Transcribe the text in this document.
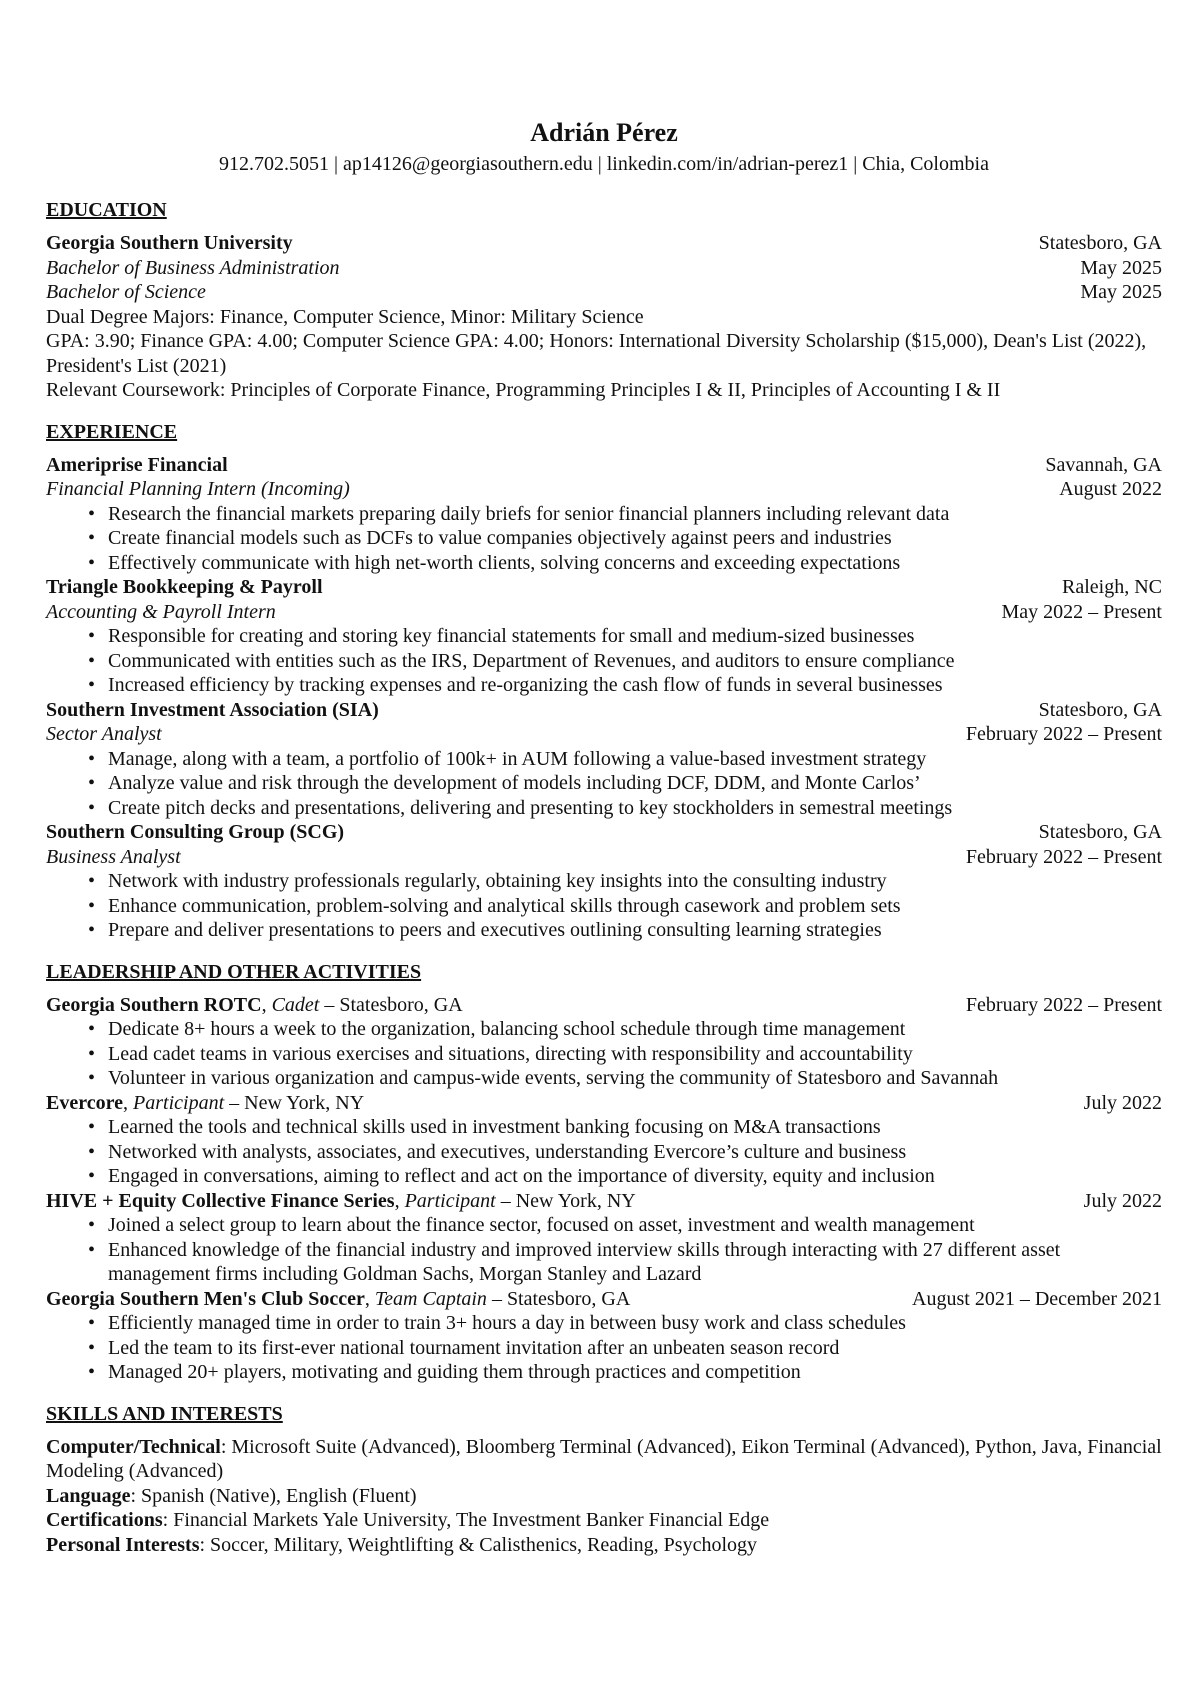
Adrián Pérez

912.702.5051 | ap14126@georgiasouthern.edu | linkedin.com/in/adrian-perez1 | Chia, Colombia

EDUCATION
Georgia Southern University	Statesboro, GA
Bachelor of Business Administration	May 2025
Bachelor of Science	May 2025

Dual Degree Majors: Finance, Computer Science, Minor: Military Science

GPA: 3.90; Finance GPA: 4.00; Computer Science GPA: 4.00; Honors: International Diversity Scholarship ($15,000), Dean's List (2022), President's List (2021)

Relevant Coursework: Principles of Corporate Finance, Programming Principles I & II, Principles of Accounting I & II

EXPERIENCE
Ameriprise Financial	Savannah, GA
Financial Planning Intern (Incoming)	August 2022
• Research the financial markets preparing daily briefs for senior financial planners including relevant data
• Create financial models such as DCFs to value companies objectively against peers and industries
• Effectively communicate with high net-worth clients, solving concerns and exceeding expectations
Triangle Bookkeeping & Payroll	Raleigh, NC
Accounting & Payroll Intern	May 2022 – Present
• Responsible for creating and storing key financial statements for small and medium-sized businesses
• Communicated with entities such as the IRS, Department of Revenues, and auditors to ensure compliance
• Increased efficiency by tracking expenses and re-organizing the cash flow of funds in several businesses
Southern Investment Association (SIA)	Statesboro, GA
Sector Analyst	February 2022 – Present
• Manage, along with a team, a portfolio of 100k+ in AUM following a value-based investment strategy
• Analyze value and risk through the development of models including DCF, DDM, and Monte Carlos’
• Create pitch decks and presentations, delivering and presenting to key stockholders in semestral meetings
Southern Consulting Group (SCG)	Statesboro, GA
Business Analyst	February 2022 – Present
• Network with industry professionals regularly, obtaining key insights into the consulting industry
• Enhance communication, problem-solving and analytical skills through casework and problem sets
• Prepare and deliver presentations to peers and executives outlining consulting learning strategies
LEADERSHIP AND OTHER ACTIVITIES
Georgia Southern ROTC, Cadet – Statesboro, GA	February 2022 – Present
• Dedicate 8+ hours a week to the organization, balancing school schedule through time management
• Lead cadet teams in various exercises and situations, directing with responsibility and accountability
• Volunteer in various organization and campus-wide events, serving the community of Statesboro and Savannah
Evercore, Participant – New York, NY	July 2022
• Learned the tools and technical skills used in investment banking focusing on M&A transactions
• Networked with analysts, associates, and executives, understanding Evercore’s culture and business
• Engaged in conversations, aiming to reflect and act on the importance of diversity, equity and inclusion
HIVE + Equity Collective Finance Series, Participant – New York, NY	July 2022
• Joined a select group to learn about the finance sector, focused on asset, investment and wealth management
• Enhanced knowledge of the financial industry and improved interview skills through interacting with 27 different asset management firms including Goldman Sachs, Morgan Stanley and Lazard
Georgia Southern Men's Club Soccer, Team Captain – Statesboro, GA	August 2021 – December 2021
• Efficiently managed time in order to train 3+ hours a day in between busy work and class schedules
• Led the team to its first-ever national tournament invitation after an unbeaten season record
• Managed 20+ players, motivating and guiding them through practices and competition
SKILLS AND INTERESTS

Computer/Technical: Microsoft Suite (Advanced), Bloomberg Terminal (Advanced), Eikon Terminal (Advanced), Python, Java, Financial Modeling (Advanced)

Language: Spanish (Native), English (Fluent)

Certifications: Financial Markets Yale University, The Investment Banker Financial Edge

Personal Interests: Soccer, Military, Weightlifting & Calisthenics, Reading, Psychology
